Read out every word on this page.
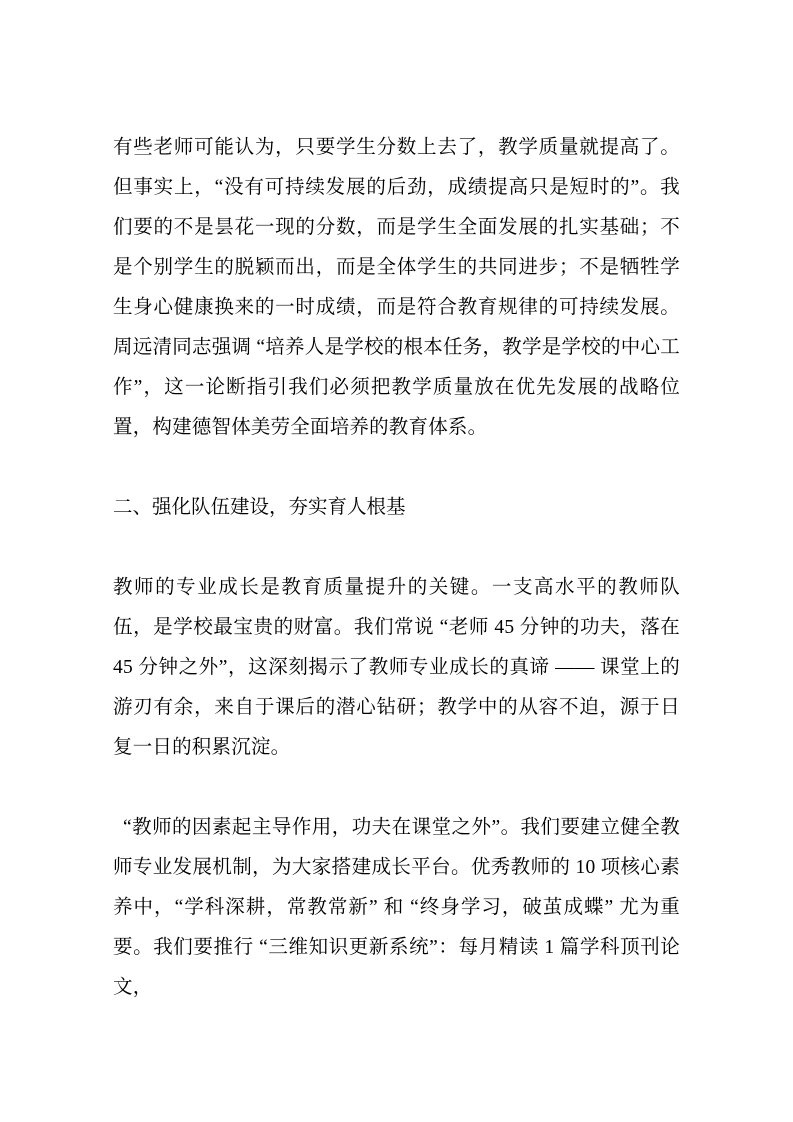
有些老师可能认为，只要学生分数上去了，教学质量就提高了。但事实上，“没有可持续发展的后劲，成绩提高只是短时的”。我们要的不是昙花一现的分数，而是学生全面发展的扎实基础；不是个别学生的脱颖而出，而是全体学生的共同进步；不是牺牲学生身心健康换来的一时成绩，而是符合教育规律的可持续发展。周远清同志强调 “培养人是学校的根本任务，教学是学校的中心工作”，这一论断指引我们必须把教学质量放在优先发展的战略位置，构建德智体美劳全面培养的教育体系。

二、强化队伍建设，夯实育人根基

教师的专业成长是教育质量提升的关键。一支高水平的教师队伍，是学校最宝贵的财富。我们常说 “老师 45 分钟的功夫，落在 45 分钟之外”，这深刻揭示了教师专业成长的真谛 —— 课堂上的游刃有余，来自于课后的潜心钻研；教学中的从容不迫，源于日复一日的积累沉淀。

“教师的因素起主导作用，功夫在课堂之外”。我们要建立健全教师专业发展机制，为大家搭建成长平台。优秀教师的 10 项核心素养中，“学科深耕，常教常新” 和 “终身学习，破茧成蝶” 尤为重要。我们要推行 “三维知识更新系统”：每月精读 1 篇学科顶刊论文，
